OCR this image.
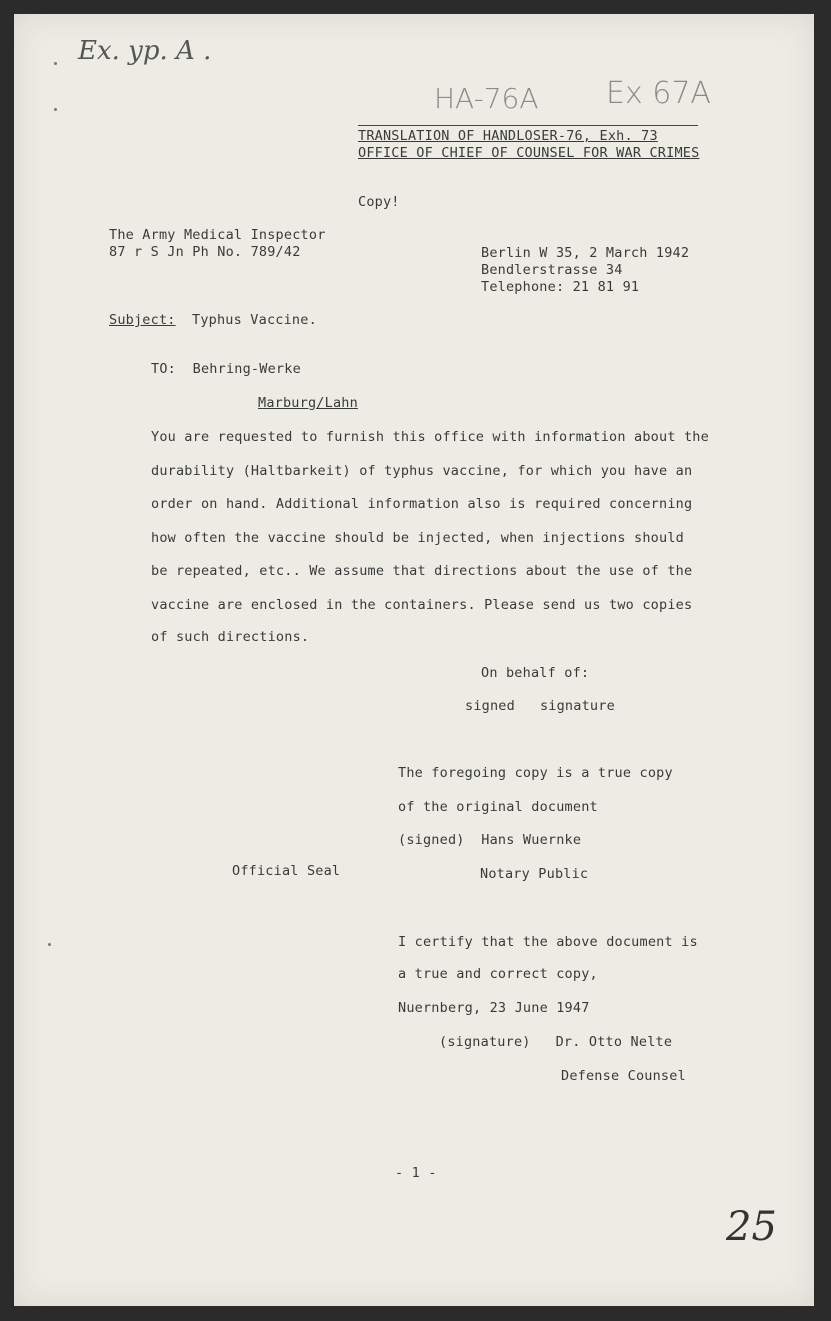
Ex. yp. A .
HA-76A Ex 67A
TRANSLATION OF HANDLOSER-76, Exh. 73
OFFICE OF CHIEF OF COUNSEL FOR WAR CRIMES
Copy!
The Army Medical Inspector
87 r S Jn Ph No. 789/42	Berlin W 35, 2 March 1942
Bendlerstrasse 34
Telephone: 21 81 91
Subject: Typhus Vaccine.
TO:  Behring-Werke
Marburg/Lahn
You are requested to furnish this office with information about the
durability (Haltbarkeit) of typhus vaccine, for which you have an
order on hand. Additional information also is required concerning
how often the vaccine should be injected, when injections should
be repeated, etc.. We assume that directions about the use of the
vaccine are enclosed in the containers. Please send us two copies
of such directions.
On behalf of:
signed   signature
The foregoing copy is a true copy
of the original document
(signed)  Hans Wuernke
Official Seal	Notary Public
I certify that the above document is
a true and correct copy,
Nuernberg, 23 June 1947
(signature)   Dr. Otto Nelte
Defense Counsel
- 1 -
25
